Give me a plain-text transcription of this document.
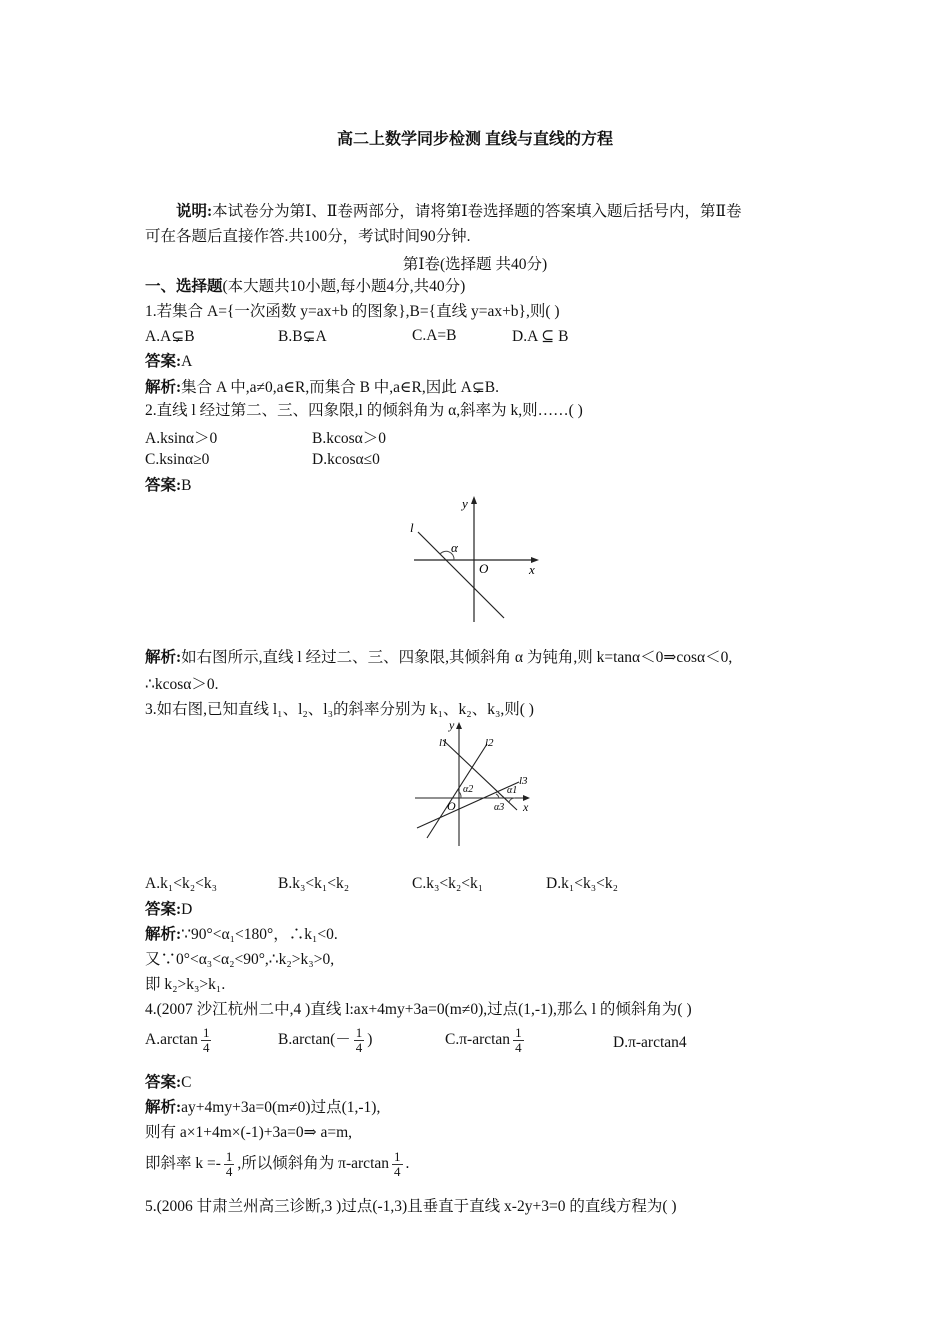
高二上数学同步检测 直线与直线的方程
说明:本试卷分为第Ⅰ、Ⅱ卷两部分，请将第Ⅰ卷选择题的答案填入题后括号内，第Ⅱ卷
可在各题后直接作答.共100分，考试时间90分钟.
第Ⅰ卷(选择题 共40分)
一、选择题(本大题共10小题,每小题4分,共40分)
1.若集合 A={一次函数 y=ax+b 的图象},B={直线 y=ax+b},则( )
A.A⊊B	B.B⊊A	C.A=B	D.A ⊆ B
答案:A
解析:集合 A 中,a≠0,a∈R,而集合 B 中,a∈R,因此 A⊊B.
2.直线 l 经过第二、三、四象限,l 的倾斜角为 α,斜率为 k,则……( )
A.ksinα＞0	B.kcosα＞0
C.ksinα≥0	D.kcosα≤0
答案:B
y
x
O
l
α
解析:如右图所示,直线 l 经过二、三、四象限,其倾斜角 α 为钝角,则 k=tanα＜0⇒cosα＜0,
∴kcosα＞0.
3.如右图,已知直线 l₁、l₂、l₃的斜率分别为 k₁、k₂、k₃,则( )
y
x
O
l1	l2
l3
α1
α2
α3
A.k₁<k₂<k₃	B.k₃<k₁<k₂	C.k₃<k₂<k₁	D.k₁<k₃<k₂
答案:D
解析:∵90°<α₁<180°，∴k₁<0.
又∵0°<α₃<α₂<90°,∴k₂>k₃>0,
即 k₂>k₃>k₁.
4.(2007 沙江杭州二中,4 )直线 l:ax+4my+3a=0(m≠0),过点(1,-1),那么 l 的倾斜角为( )
$A.\arctan \frac{1}{4}$	$B.\arctan(- \frac{1}{4}$ )	$C.\pi-\arctan \frac{1}{4}$	D.π-arctan4
答案:C
解析:ay+4my+3a=0(m≠0)过点(1,-1),
则有 a×1+4m×(-1)+3a=0⇒ a=m,
即斜率 $k =- \frac{1}{4}$ ,所以倾斜角为 $\pi-\arctan \frac{1}{4}$ .
5.(2006 甘肃兰州高三诊断,3 )过点(-1,3)且垂直于直线 x-2y+3=0 的直线方程为( )
